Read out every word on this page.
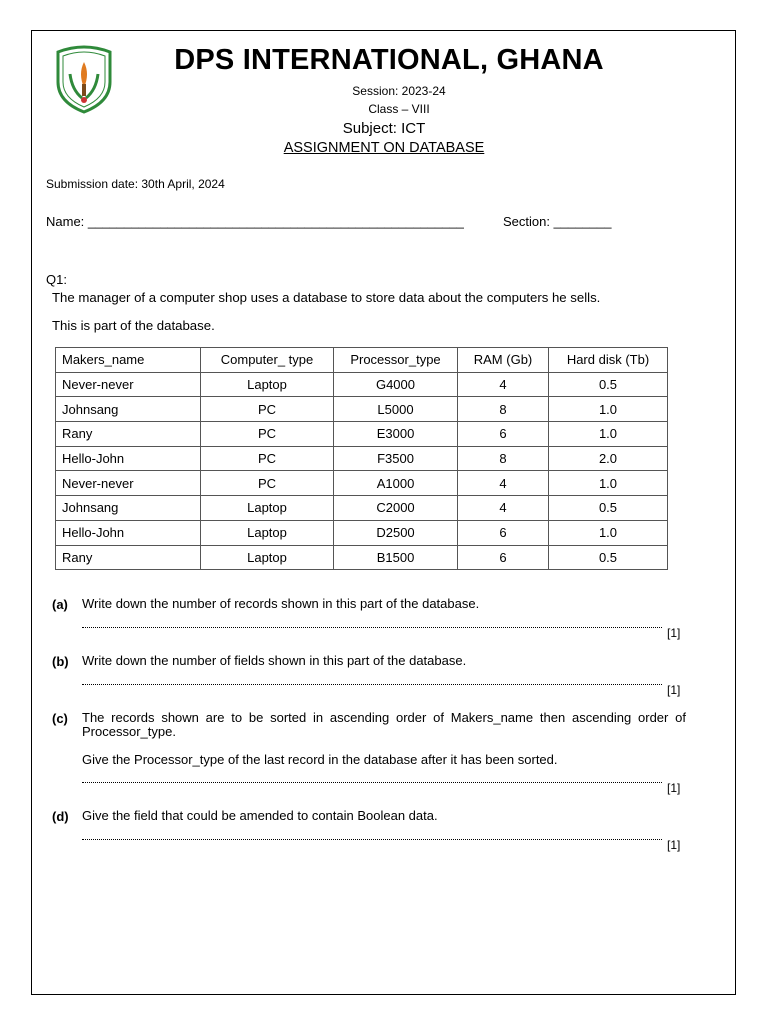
DPS INTERNATIONAL, GHANA
Session: 2023-24
Class – VIII
Subject: ICT
ASSIGNMENT ON DATABASE
Submission date: 30th April, 2024
Name: ____________________________________________________	Section: ________
Q1:
The manager of a computer shop uses a database to store data about the computers he sells.
This is part of the database.
Makers_name	Computer_ type	Processor_type	RAM (Gb)	Hard disk (Tb)
Never-never	Laptop	G4000	4	0.5
Johnsang	PC	L5000	8	1.0
Rany	PC	E3000	6	1.0
Hello-John	PC	F3500	8	2.0
Never-never	PC	A1000	4	1.0
Johnsang	Laptop	C2000	4	0.5
Hello-John	Laptop	D2500	6	1.0
Rany	Laptop	B1500	6	0.5
(a) Write down the number of records shown in this part of the database.
[1]
(b) Write down the number of fields shown in this part of the database.
[1]
(c) The records shown are to be sorted in ascending order of Makers_name then ascending order of Processor_type.
Give the Processor_type of the last record in the database after it has been sorted.
[1]
(d) Give the field that could be amended to contain Boolean data.
[1]
